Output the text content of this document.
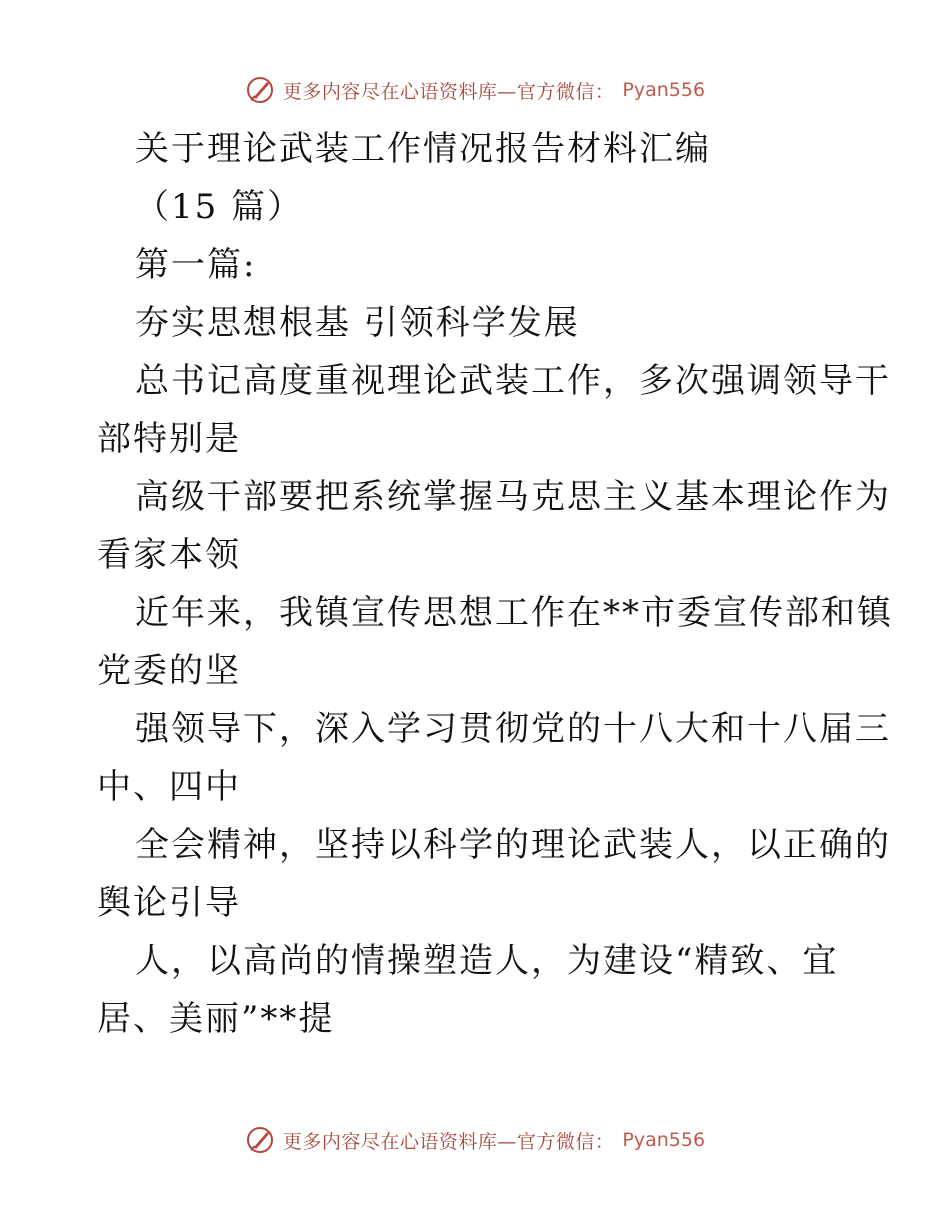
更多内容尽在心语资料库—官方微信： Pyan556
关于理论武装工作情况报告材料汇编
（15 篇）
第一篇:
夯实思想根基 引领科学发展
总书记高度重视理论武装工作，多次强调领导干
部特别是
高级干部要把系统掌握马克思主义基本理论作为
看家本领
近年来，我镇宣传思想工作在**市委宣传部和镇
党委的坚
强领导下，深入学习贯彻党的十八大和十八届三
中、四中
全会精神，坚持以科学的理论武装人，以正确的
舆论引导
人，以高尚的情操塑造人，为建设“精致、宜
居、美丽”**提
更多内容尽在心语资料库—官方微信： Pyan556
